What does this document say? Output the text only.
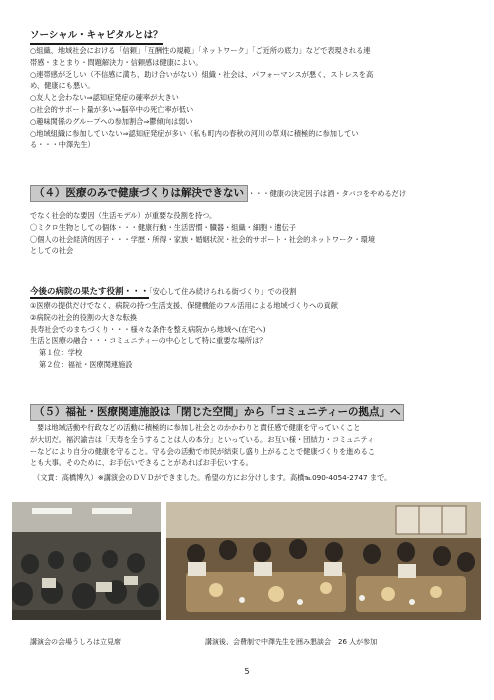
ソーシャル・キャピタルとは？
○組織、地域社会における「信頼」「互酬性の規範」「ネットワーク」「ご近所の底力」などで表現される連
帯感・まとまり・問題解決力・信頼感は健康によい。
○連帯感が乏しい（不信感に満ち、助け合いがない）組織・社会は、パフォーマンスが悪く、ストレスを高
め、健康にも悪い。
○友人と会わない⇒認知症発症の確率が大きい
○社会的サポート量が多い⇒脳卒中の死亡率が低い
○趣味関係のグループへの参加割合⇒鬱傾向は弱い
○地域組織に参加していない⇒認知症発症が多い（私も町内の春秋の河川の草刈に積極的に参加してい
る・・・中澤先生）
（４）医療のみで健康づくりは解決できない ・・・健康の決定因子は酒・タバコをやめるだけ
でなく社会的な要因（生活モデル）が重要な役割を持つ。
〇ミクロ生物としての個体・・・健康行動・生活習慣・臓器・組織・細胞・遺伝子
〇個人の社会経済的因子・・・学歴・所得・家族・婚姻状況・社会的サポート・社会的ネットワーク・環境
としての社会
今後の病院の果たす役割・・・「安心して住み続けられる街づくり」での役割
①医療の提供だけでなく、病院の持つ生活支援、保健機能のフル活用による地域づくりへの貢献
②病院の社会的役割の大きな転換
長寿社会でのまちづくり・・・様々な条件を整え病院から地域へ(在宅へ)
生活と医療の融合・・・コミュニティーの中心として特に重要な場所は？
第１位：学校
第２位：福祉・医療関連施設
（５）福祉・医療関連施設は「閉じた空間」から「コミュニティーの拠点」へ
要は地域活動や行政などの活動に積極的に参加し社会とのかかわりと責任感で健康を守っていくこと
が大切だ。福沢諭吉は「天寿を全うすることは人の本分」といっている。お互い様・団結力・コミュニティ
ーなどにより自分の健康を守ること。守る会の活動で市民が結束し盛り上がることで健康づくりを進めるこ
とも大事。そのために、お手伝いできることがあればお手伝いする。
（文責：高橋博久）※講演会のＤＶＤができました。希望の方にお分けします。高橋℡090-4054-2747 まで。
講演会の会場うしろは立見席	講演後、会費制で中澤先生を囲み懇談会　26 人が参加
5
